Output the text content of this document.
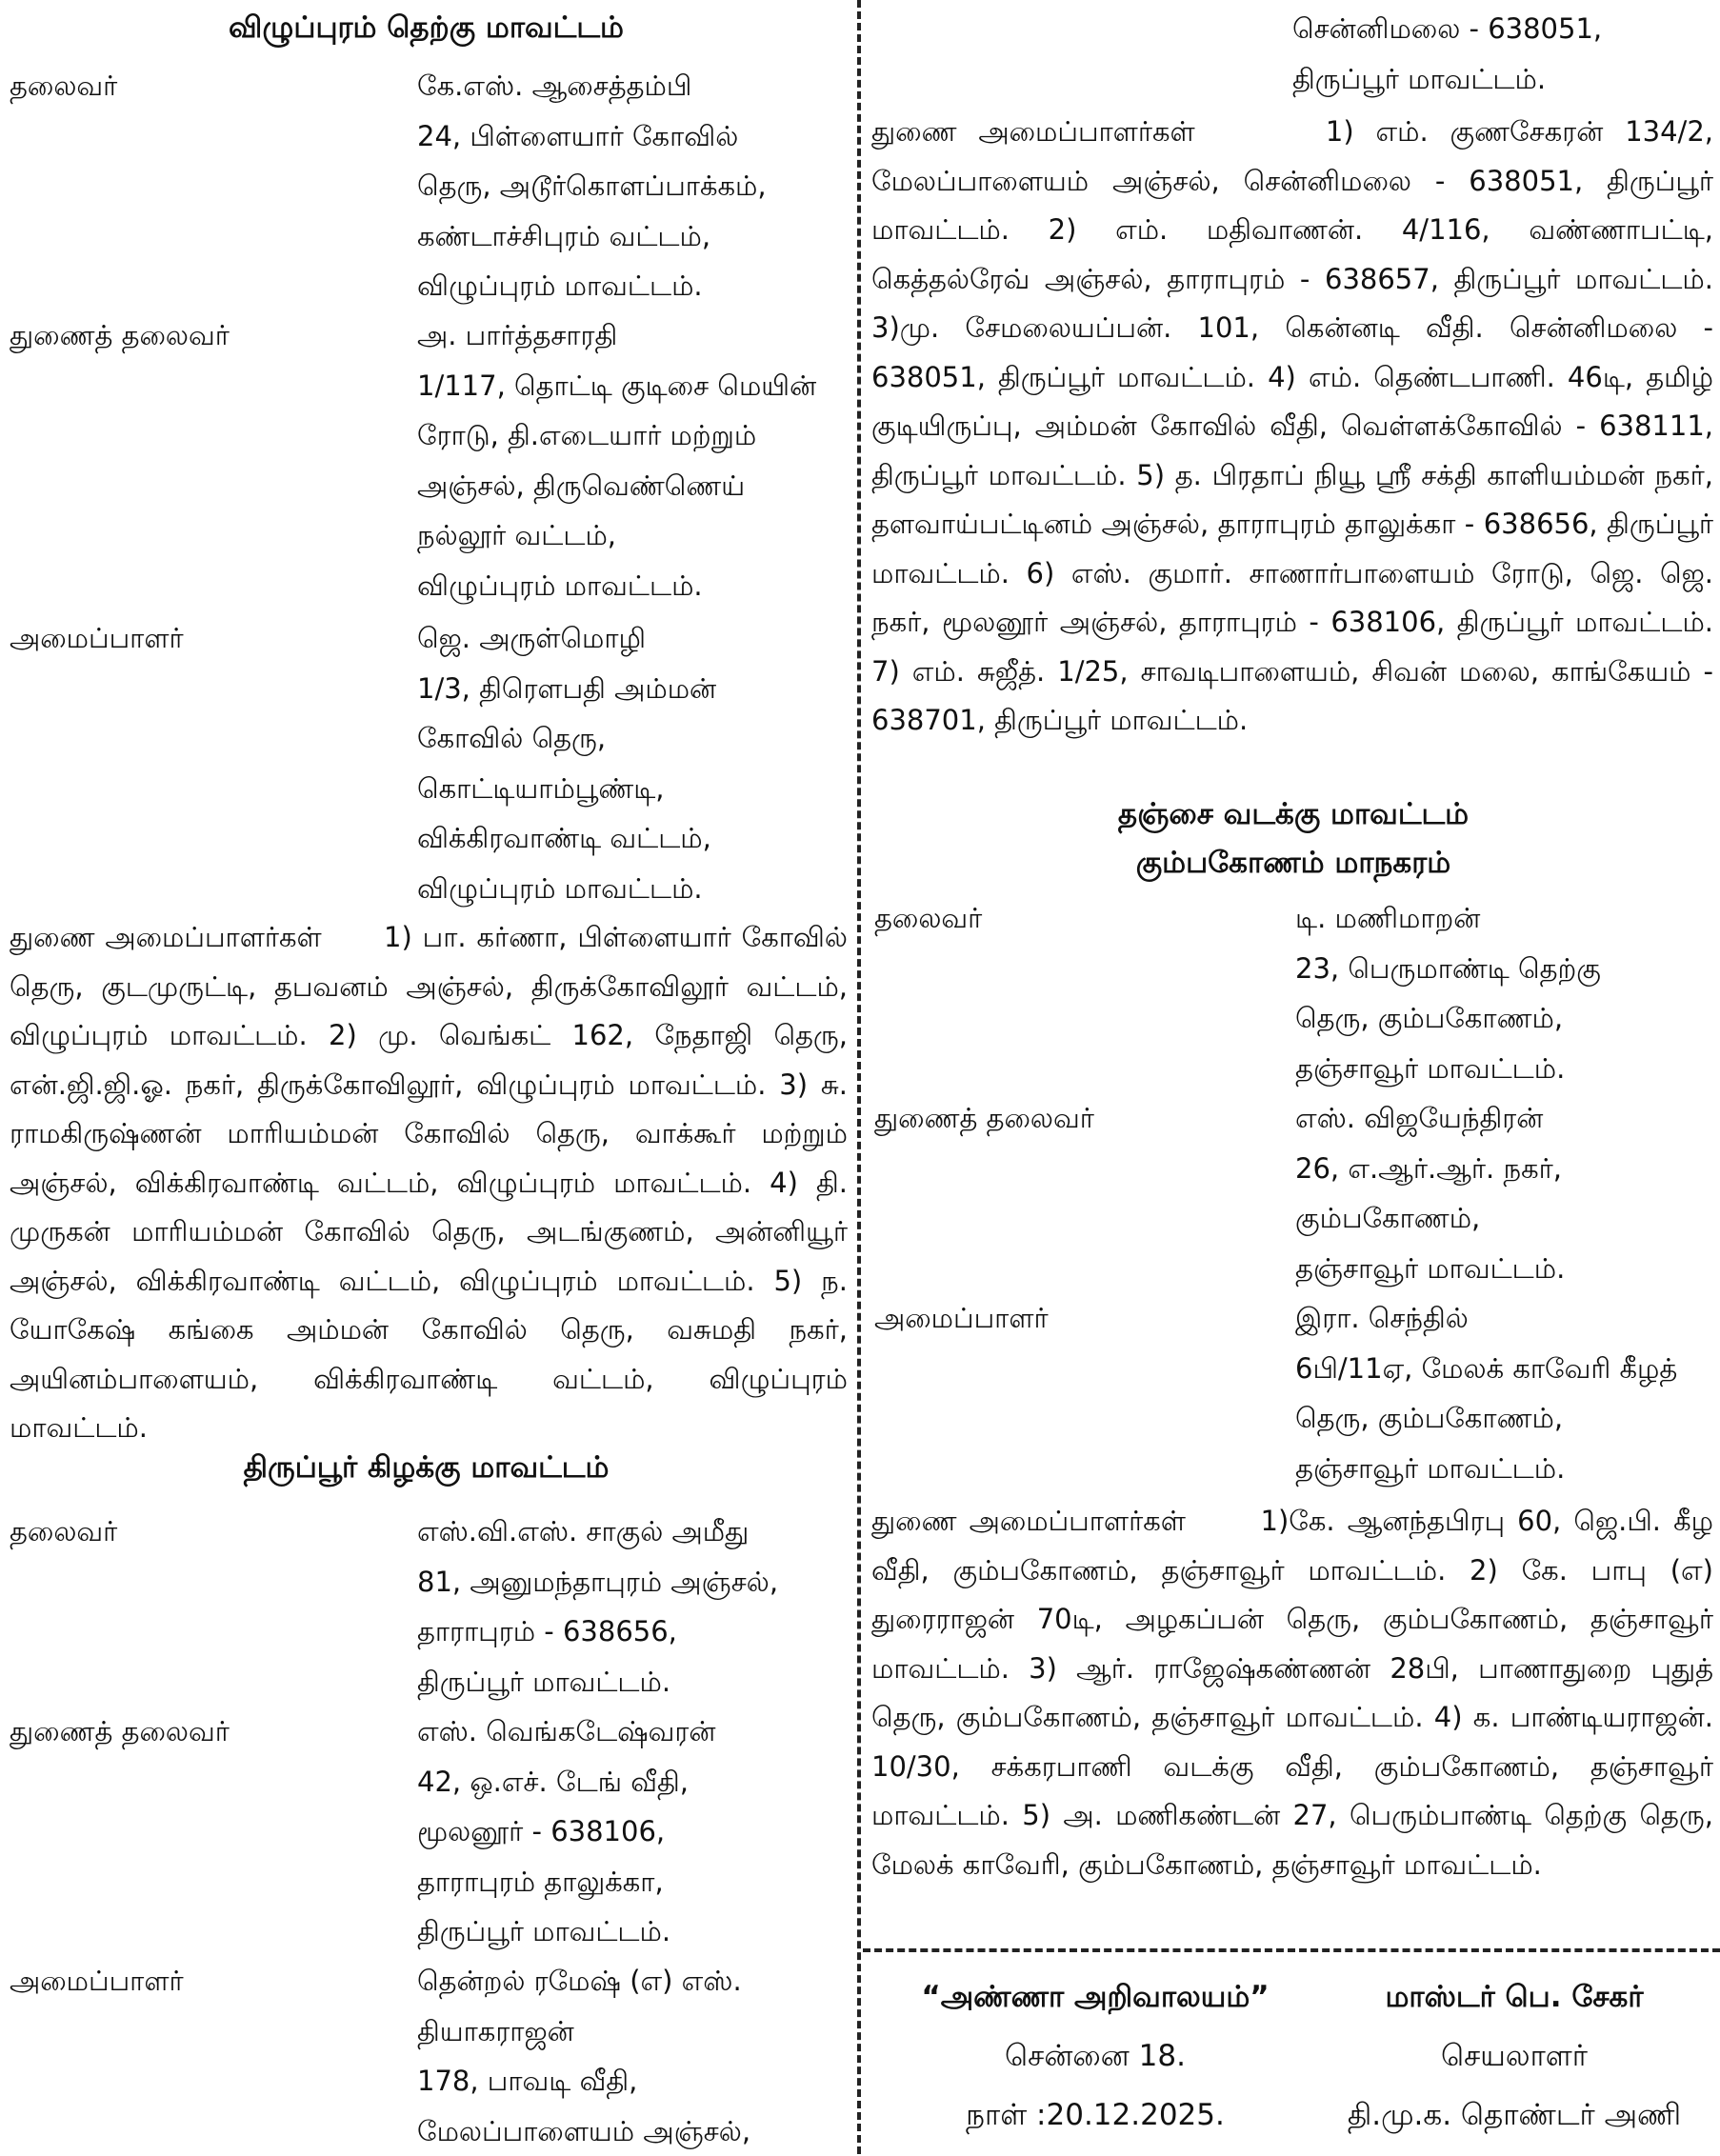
விழுப்புரம் தெற்கு மாவட்டம்
தலைவர்	கே.எஸ். ஆசைத்தம்பி
24, பிள்ளையார் கோவில்
தெரு, அடூர்கொளப்பாக்கம்,
கண்டாச்சிபுரம் வட்டம்,
விழுப்புரம் மாவட்டம்.
துணைத் தலைவர்	அ. பார்த்தசாரதி
1/117, தொட்டி குடிசை மெயின்
ரோடு, தி.எடையார் மற்றும்
அஞ்சல், திருவெண்ணெய்
நல்லூர் வட்டம்,
விழுப்புரம் மாவட்டம்.
அமைப்பாளர்	ஜெ. அருள்மொழி
1/3, திரௌபதி அம்மன்
கோவில் தெரு,
கொட்டியாம்பூண்டி,
விக்கிரவாண்டி வட்டம்,
விழுப்புரம் மாவட்டம்.
துணை அமைப்பாளர்கள் 1) பா. கர்ணா, பிள்ளையார் கோவில் தெரு, குடமுருட்டி, தபவனம் அஞ்சல், திருக்கோவிலூர் வட்டம், விழுப்புரம் மாவட்டம். 2) மு. வெங்கட் 162, நேதாஜி தெரு, என்.ஜி.ஜி.ஓ. நகர், திருக்கோவிலூர், விழுப்புரம் மாவட்டம். 3) சு. ராமகிருஷ்ணன் மாரியம்மன் கோவில் தெரு, வாக்கூர் மற்றும் அஞ்சல், விக்கிரவாண்டி வட்டம், விழுப்புரம் மாவட்டம். 4) தி. முருகன் மாரியம்மன் கோவில் தெரு, அடங்குணம், அன்னியூர் அஞ்சல், விக்கிரவாண்டி வட்டம், விழுப்புரம் மாவட்டம். 5) ந. யோகேஷ் கங்கை அம்மன் கோவில் தெரு, வசுமதி நகர், அயினம்பாளையம், விக்கிரவாண்டி வட்டம், விழுப்புரம் மாவட்டம்.
திருப்பூர் கிழக்கு மாவட்டம்
தலைவர்	எஸ்.வி.எஸ். சாகுல் அமீது
81, அனுமந்தாபுரம் அஞ்சல்,
தாராபுரம் - 638656,
திருப்பூர் மாவட்டம்.
துணைத் தலைவர்	எஸ். வெங்கடேஷ்வரன்
42, ஒ.எச். டேங் வீதி,
மூலனூர் - 638106,
தாராபுரம் தாலுக்கா,
திருப்பூர் மாவட்டம்.
அமைப்பாளர்	தென்றல் ரமேஷ் (எ) எஸ்.
தியாகராஜன்
178, பாவடி வீதி,
மேலப்பாளையம் அஞ்சல்,
சென்னிமலை - 638051,
திருப்பூர் மாவட்டம்.
துணை அமைப்பாளர்கள்	1) எம். குணசேகரன் 134/2, மேலப்பாளையம் அஞ்சல், சென்னிமலை - 638051, திருப்பூர் மாவட்டம். 2) எம். மதிவாணன். 4/116, வண்ணாபட்டி, கெத்தல்ரேவ் அஞ்சல், தாராபுரம் - 638657, திருப்பூர் மாவட்டம். 3)மு. சேமலையப்பன். 101, கென்னடி வீதி. சென்னிமலை - 638051, திருப்பூர் மாவட்டம். 4) எம். தெண்டபாணி. 46டி, தமிழ் குடியிருப்பு, அம்மன் கோவில் வீதி, வெள்ளக்கோவில் - 638111, திருப்பூர் மாவட்டம். 5) த. பிரதாப் நியூ ஸ்ரீ சக்தி காளியம்மன் நகர், தளவாய்பட்டினம் அஞ்சல், தாராபுரம் தாலுக்கா - 638656, திருப்பூர் மாவட்டம். 6) எஸ். குமார். சாணார்பாளையம் ரோடு, ஜெ. ஜெ. நகர், மூலனூர் அஞ்சல், தாராபுரம் - 638106, திருப்பூர் மாவட்டம். 7) எம். சுஜீத். 1/25, சாவடிபாளையம், சிவன் மலை, காங்கேயம் - 638701, திருப்பூர் மாவட்டம்.
தஞ்சை வடக்கு மாவட்டம்
கும்பகோணம் மாநகரம்
தலைவர்	டி. மணிமாறன்
23, பெருமாண்டி தெற்கு
தெரு, கும்பகோணம்,
தஞ்சாவூர் மாவட்டம்.
துணைத் தலைவர்	எஸ். விஜயேந்திரன்
26, எ.ஆர்.ஆர். நகர்,
கும்பகோணம்,
தஞ்சாவூர் மாவட்டம்.
அமைப்பாளர்	இரா. செந்தில்
6பி/11ஏ, மேலக் காவேரி கீழத்
தெரு, கும்பகோணம்,
தஞ்சாவூர் மாவட்டம்.
துணை அமைப்பாளர்கள்	1)கே. ஆனந்தபிரபு 60, ஜெ.பி. கீழ வீதி, கும்பகோணம், தஞ்சாவூர் மாவட்டம். 2) கே. பாபு (எ) துரைராஜன் 70டி, அழகப்பன் தெரு, கும்பகோணம், தஞ்சாவூர் மாவட்டம். 3) ஆர். ராஜேஷ்கண்ணன் 28பி, பாணாதுறை புதுத் தெரு, கும்பகோணம், தஞ்சாவூர் மாவட்டம். 4) க. பாண்டியராஜன். 10/30, சக்கரபாணி வடக்கு வீதி, கும்பகோணம், தஞ்சாவூர் மாவட்டம். 5) அ. மணிகண்டன் 27, பெரும்பாண்டி தெற்கு தெரு, மேலக் காவேரி, கும்பகோணம், தஞ்சாவூர் மாவட்டம்.
“அண்ணா அறிவாலயம்”
சென்னை 18.
நாள் :20.12.2025.
மாஸ்டர் பெ. சேகர்
செயலாளர்
தி.மு.க. தொண்டர் அணி
